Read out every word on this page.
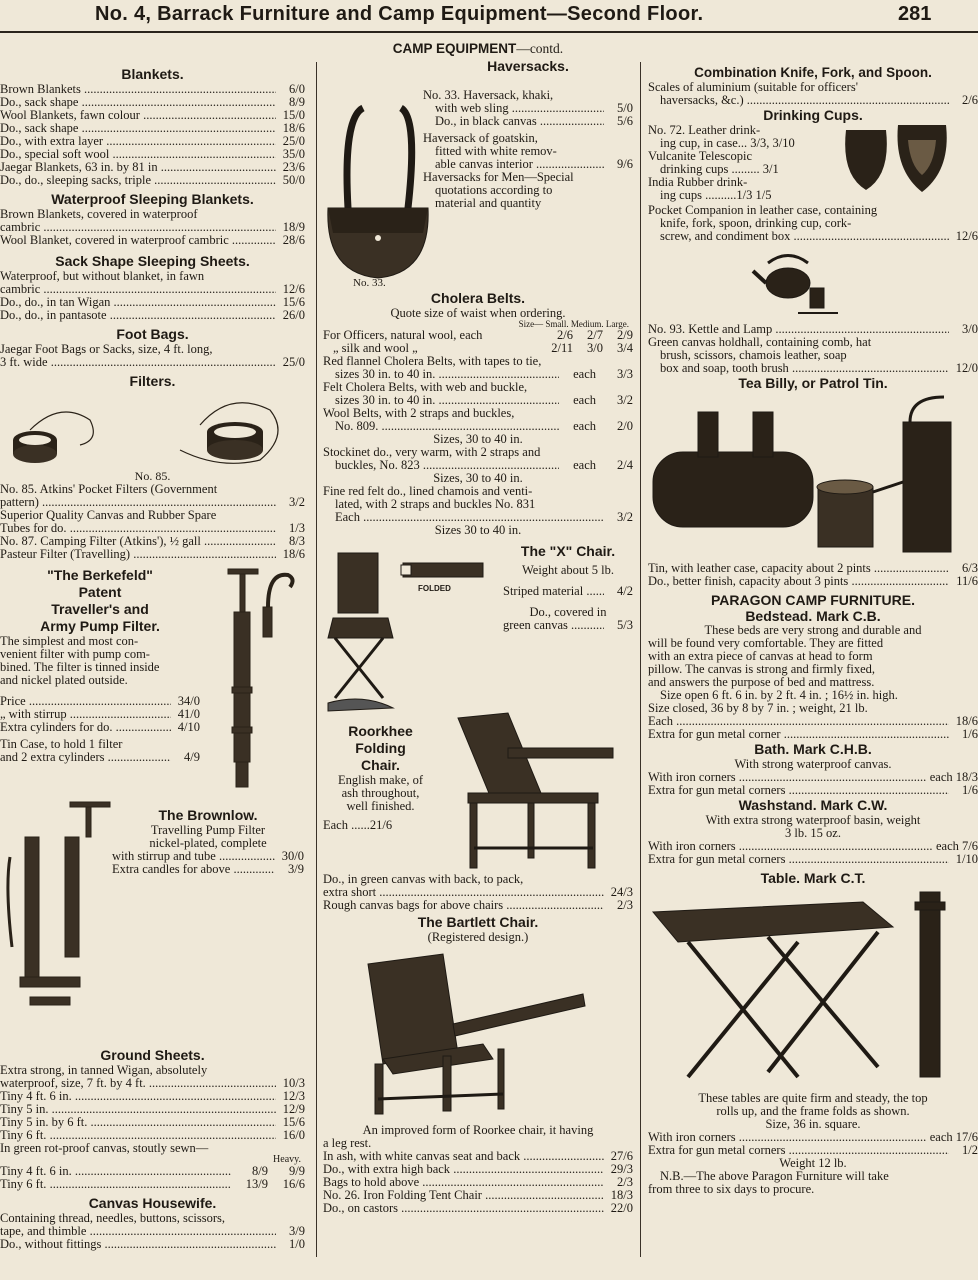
No. 4, Barrack Furniture and Camp Equipment—Second Floor.	281
Blankets.
Brown Blankets .....	6/0
Do., sack shape .....	8/9
Wool Blankets, fawn colour .....	15/0
Do., sack shape .....	18/6
Do., with extra layer .....	25/0
Do., special soft wool .....	35/0
Jaegar Blankets, 63 in. by 81 in .....	23/6
Do., do., sleeping sacks, triple .....	50/0
Waterproof Sleeping Blankets.
Brown Blankets, covered in waterproof
cambric .....	18/9
Wool Blanket, covered in waterproof cambric .....	28/6
Sack Shape Sleeping Sheets.
Waterproof, but without blanket, in fawn
cambric .....	12/6
Do., do., in tan Wigan .....	15/6
Do., do., in pantasote .....	26/0
Foot Bags.
Jaegar Foot Bags or Sacks, size, 4 ft. long,
3 ft. wide .....	25/0
Filters.
No. 85.
No. 85. Atkins' Pocket Filters (Government
pattern) .....	3/2
Superior Quality Canvas and Rubber Spare
Tubes for do. .....	1/3
No. 87. Camping Filter (Atkins'), ½ gall .....	8/3
Pasteur Filter (Travelling) .....	18/6
"The Berkefeld"
Patent
Traveller's and
Army Pump Filter.
The simplest and most con-
venient filter with pump com-
bined. The filter is tinned inside
and nickel plated outside.
Price .....	34/0
„ with stirrup .....	41/0
Extra cylinders for do. .....	4/10
Tin Case, to hold 1 filter
and 2 extra cylinders .....	4/9
The Brownlow.
Travelling Pump Filter
nickel-plated, complete
with stirrup and tube .....	30/0
Extra candles for above .....	3/9
Ground Sheets.
Extra strong, in tanned Wigan, absolutely
waterproof, size, 7 ft. by 4 ft. .....	10/3
Tiny 4 ft. 6 in. .....	12/3
Tiny 5 in. .....	12/9
Tiny 5 in. by 6 ft. .....	15/6
Tiny 6 ft. .....	16/0
In green rot-proof canvas, stoutly sewn—
Heavy.
Tiny 4 ft. 6 in. .....	8/9	9/9
Tiny 6 ft. .....	13/9	16/6
Canvas Housewife.
Containing thread, needles, buttons, scissors,
tape, and thimble .....	3/9
Do., without fittings .....	1/0
CAMP EQUIPMENT—contd.
Haversacks.
No. 33. Haversack, khaki,
with web sling .....	5/0
Do., in black canvas .....	5/6
Haversack of goatskin,
fitted with white remov-
able canvas interior .....	9/6
Haversacks for Men—Special
quotations according to
material and quantity
No. 33.
Cholera Belts.
Quote size of waist when ordering.
Size— Small. Medium. Large.
For Officers, natural wool, each	2/6	2/7	2/9
„ silk and wool „	2/11	3/0	3/4
Red flannel Cholera Belts, with tapes to tie,
sizes 30 in. to 40 in. .....	each	3/3
Felt Cholera Belts, with web and buckle,
sizes 30 in. to 40 in. .....	each	3/2
Wool Belts, with 2 straps and buckles,
No. 809. .....	each	2/0
Sizes, 30 to 40 in.
Stockinet do., very warm, with 2 straps and
buckles, No. 823 .....	each	2/4
Sizes, 30 to 40 in.
Fine red felt do., lined chamois and venti-
lated, with 2 straps and buckles No. 831
Each .....	3/2
Sizes 30 to 40 in.
FOLDED
The "X" Chair.
Weight about 5 lb.
Striped material .....	4/2
Do., covered in
green canvas .....	5/3
Roorkhee
Folding
Chair.
English make, of
ash throughout,
well finished.
Each ......21/6
Do., in green canvas with back, to pack,
extra short .....	24/3
Rough canvas bags for above chairs .....	2/3
The Bartlett Chair.
(Registered design.)
An improved form of Roorkee chair, it having
a leg rest.
In ash, with white canvas seat and back .....	27/6
Do., with extra high back .....	29/3
Bags to hold above .....	2/3
No. 26. Iron Folding Tent Chair .....	18/3
Do., on castors .....	22/0
Combination Knife, Fork, and Spoon.
Scales of aluminium (suitable for officers'
haversacks, &c.) .....	2/6
Drinking Cups.
No. 72. Leather drink-
ing cup, in case... 3/3, 3/10
Vulcanite Telescopic
drinking cups ......... 3/1
India Rubber drink-
ing cups ..........1/3 1/5
Pocket Companion in leather case, containing
knife, fork, spoon, drinking cup, cork-
screw, and condiment box .....	12/6
No. 93. Kettle and Lamp .....	3/0
Green canvas holdhall, containing comb, hat
brush, scissors, chamois leather, soap
box and soap, tooth brush .....	12/0
Tea Billy, or Patrol Tin.
Tin, with leather case, capacity about 2 pints .....	6/3
Do., better finish, capacity about 3 pints .....	11/6
PARAGON CAMP FURNITURE.
Bedstead. Mark C.B.
These beds are very strong and durable and
will be found very comfortable. They are fitted
with an extra piece of canvas at head to form
pillow. The canvas is strong and firmly fixed,
and answers the purpose of bed and mattress.
Size open 6 ft. 6 in. by 2 ft. 4 in. ; 16½ in. high.
Size closed, 36 by 8 by 7 in. ; weight, 21 lb.
Each .....	18/6
Extra for gun metal corner .....	1/6
Bath. Mark C.H.B.
With strong waterproof canvas.
With iron corners .....	each 18/3
Extra for gun metal corners .....	1/6
Washstand. Mark C.W.
With extra strong waterproof basin, weight
3 lb. 15 oz.
With iron corners .....	each 7/6
Extra for gun metal corners .....	1/10
Table. Mark C.T.
These tables are quite firm and steady, the top
rolls up, and the frame folds as shown.
Size, 36 in. square.
With iron corners .....	each 17/6
Extra for gun metal corners .....	1/2
Weight 12 lb.
N.B.—The above Paragon Furniture will take
from three to six days to procure.
